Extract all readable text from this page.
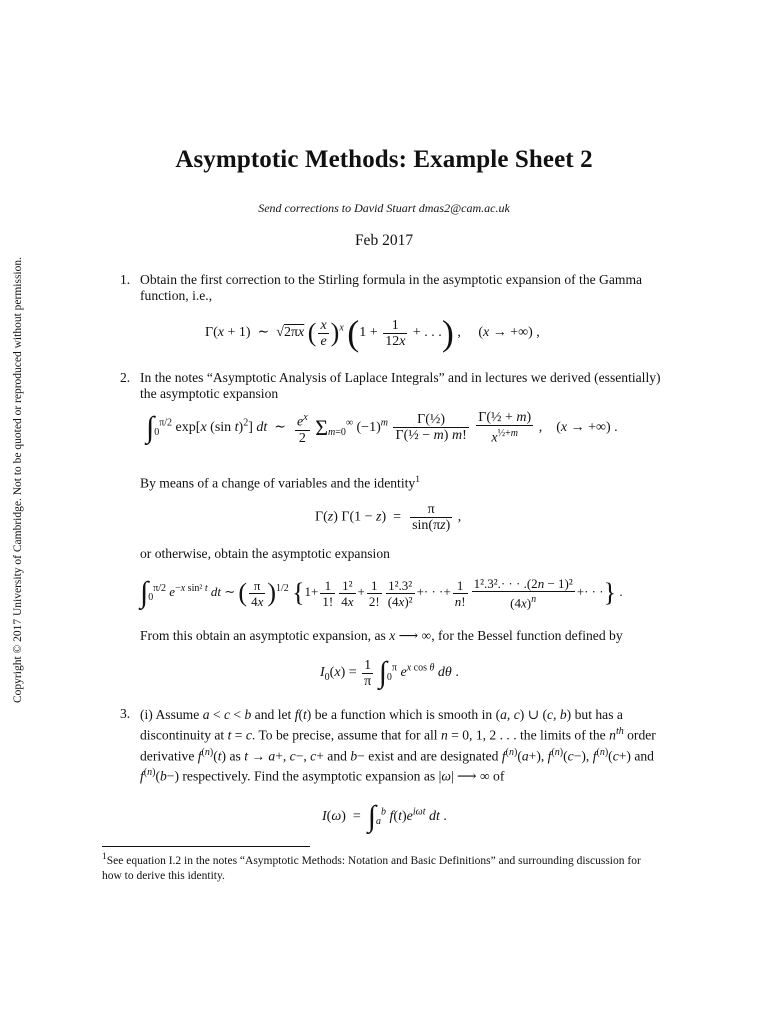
Copyright © 2017 University of Cambridge. Not to be quoted or reproduced without permission.
Asymptotic Methods: Example Sheet 2
Send corrections to David Stuart dmas2@cam.ac.uk
Feb 2017
1. Obtain the first correction to the Stirling formula in the asymptotic expansion of the Gamma function, i.e.,
Γ(x + 1)  ∼  √2πx ( $\frac{x}{e} )^x$ ($1 + \frac{1}{12x}$ + . . .) ,     (x → +∞) ,
2. In the notes “Asymptotic Analysis of Laplace Integrals” and in lectures we derived (essentially) the asymptotic expansion
$\int_0^{\pi/2}$ exp[x (sin t)$^2$] dt  ∼ $\frac{e^x}{2} \Sigma_{m=0}^\infty$ $(-1)^m \frac{\text{Γ(½)}}{\text{Γ(½ − m) m!}}$
$\frac{\text{Γ(½ + m)}}{x^{\frac{1}{2}+m}}$ ,    (x → +∞) .
By means of a change of variables and the identity$^1$
Γ(z) $\Gamma(1 - z) = \frac{\pi}{\sin(\pi z)}$ ,
or otherwise, obtain the asymptotic expansion
$\int_0^{\pi/2}$ $e^{-x sin^2 t}$ dt ∼ ( $\frac{\pi}{4x} )^{1/2}$ {$1+ \frac{1}{1!} \frac{\text{1²}}{4x} + \frac{1}{2!} \frac{\text{1².3²}}{\text{(4x)²}}$ +· · ·+ $\frac{1}{n!} \frac{\text{1².3².· · · .(2n − 1)²}}{(4x)^n}$ +· · ·} .
From this obtain an asymptotic expansion, as x ⟶ ∞, for the Bessel function defined by
$I_0(x) = \frac{1}{\pi} \int_0^\pi$ $e^{x cos \theta}$ dθ .
3. (i) Assume a < c < b and let f(t) be a function which is smooth in (a, c) ∪ (c, b) but has a discontinuity at t = c. To be precise, assume that for all n = 0, 1, 2 . . . the limits of the $n^{th}$ order derivative $f^{(n)}(t)$ as t → a+, c−, c+ and b− exist and are designated $f^{(n)}(a+)$, $f^{(n)}(c-)$, $f^{(n)}(c+)$ and $f^{(n)}(b-)$ respectively. Find the asymptotic expansion as |ω| ⟶ ∞ of
$I(\omega) = \int_a^b$ $f(t)e^{i\omega t}$ dt .
$^1$See equation I.2 in the notes “Asymptotic Methods: Notation and Basic Definitions” and surrounding discussion for how to derive this identity.
